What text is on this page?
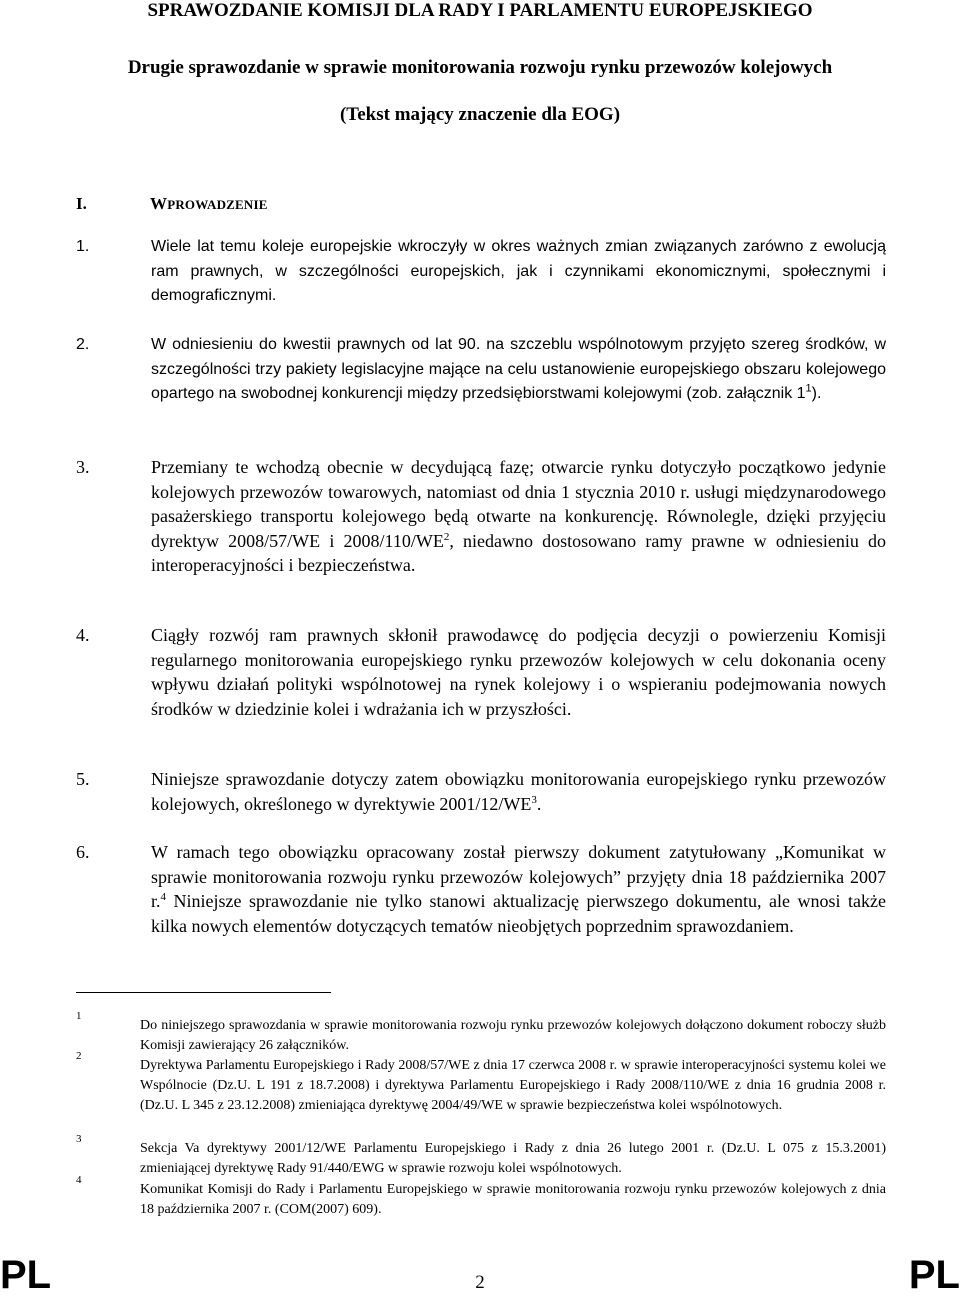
SPRAWOZDANIE KOMISJI DLA RADY I PARLAMENTU EUROPEJSKIEGO
Drugie sprawozdanie w sprawie monitorowania rozwoju rynku przewozów kolejowych
(Tekst mający znaczenie dla EOG)
I.	WPROWADZENIE
1.	Wiele lat temu koleje europejskie wkroczyły w okres ważnych zmian związanych zarówno z ewolucją ram prawnych, w szczególności europejskich, jak i czynnikami ekonomicznymi, społecznymi i demograficznymi.
2.	W odniesieniu do kwestii prawnych od lat 90. na szczeblu wspólnotowym przyjęto szereg środków, w szczególności trzy pakiety legislacyjne mające na celu ustanowienie europejskiego obszaru kolejowego opartego na swobodnej konkurencji między przedsiębiorstwami kolejowymi (zob. załącznik $1^1$).
3.	Przemiany te wchodzą obecnie w decydującą fazę; otwarcie rynku dotyczyło początkowo jedynie kolejowych przewozów towarowych, natomiast od dnia 1 stycznia 2010 r. usługi międzynarodowego pasażerskiego transportu kolejowego będą otwarte na konkurencję. Równolegle, dzięki przyjęciu dyrektyw 2008/57/WE i $2008/110/WE^2$, niedawno dostosowano ramy prawne w odniesieniu do interoperacyjności i bezpieczeństwa.
4.	Ciągły rozwój ram prawnych skłonił prawodawcę do podjęcia decyzji o powierzeniu Komisji regularnego monitorowania europejskiego rynku przewozów kolejowych w celu dokonania oceny wpływu działań polityki wspólnotowej na rynek kolejowy i o wspieraniu podejmowania nowych środków w dziedzinie kolei i wdrażania ich w przyszłości.
5.	Niniejsze sprawozdanie dotyczy zatem obowiązku monitorowania europejskiego rynku przewozów kolejowych, określonego w dyrektywie $2001/12/WE^3$.
6.	W ramach tego obowiązku opracowany został pierwszy dokument zatytułowany „Komunikat w sprawie monitorowania rozwoju rynku przewozów kolejowych” przyjęty dnia 18 października 2007 r.$^4$ Niniejsze sprawozdanie nie tylko stanowi aktualizację pierwszego dokumentu, ale wnosi także kilka nowych elementów dotyczących tematów nieobjętych poprzednim sprawozdaniem.
1
Do niniejszego sprawozdania w sprawie monitorowania rozwoju rynku przewozów kolejowych dołączono dokument roboczy służb Komisji zawierający 26 załączników.
2
Dyrektywa Parlamentu Europejskiego i Rady 2008/57/WE z dnia 17 czerwca 2008 r. w sprawie interoperacyjności systemu kolei we Wspólnocie (Dz.U. L 191 z 18.7.2008) i dyrektywa Parlamentu Europejskiego i Rady 2008/110/WE z dnia 16 grudnia 2008 r. (Dz.U. L 345 z 23.12.2008) zmieniająca dyrektywę 2004/49/WE w sprawie bezpieczeństwa kolei wspólnotowych.
3
Sekcja Va dyrektywy 2001/12/WE Parlamentu Europejskiego i Rady z dnia 26 lutego 2001 r. (Dz.U. L 075 z 15.3.2001) zmieniającej dyrektywę Rady 91/440/EWG w sprawie rozwoju kolei wspólnotowych.
4
Komunikat Komisji do Rady i Parlamentu Europejskiego w sprawie monitorowania rozwoju rynku przewozów kolejowych z dnia 18 października 2007 r. (COM(2007) 609).
PL	2	PL
